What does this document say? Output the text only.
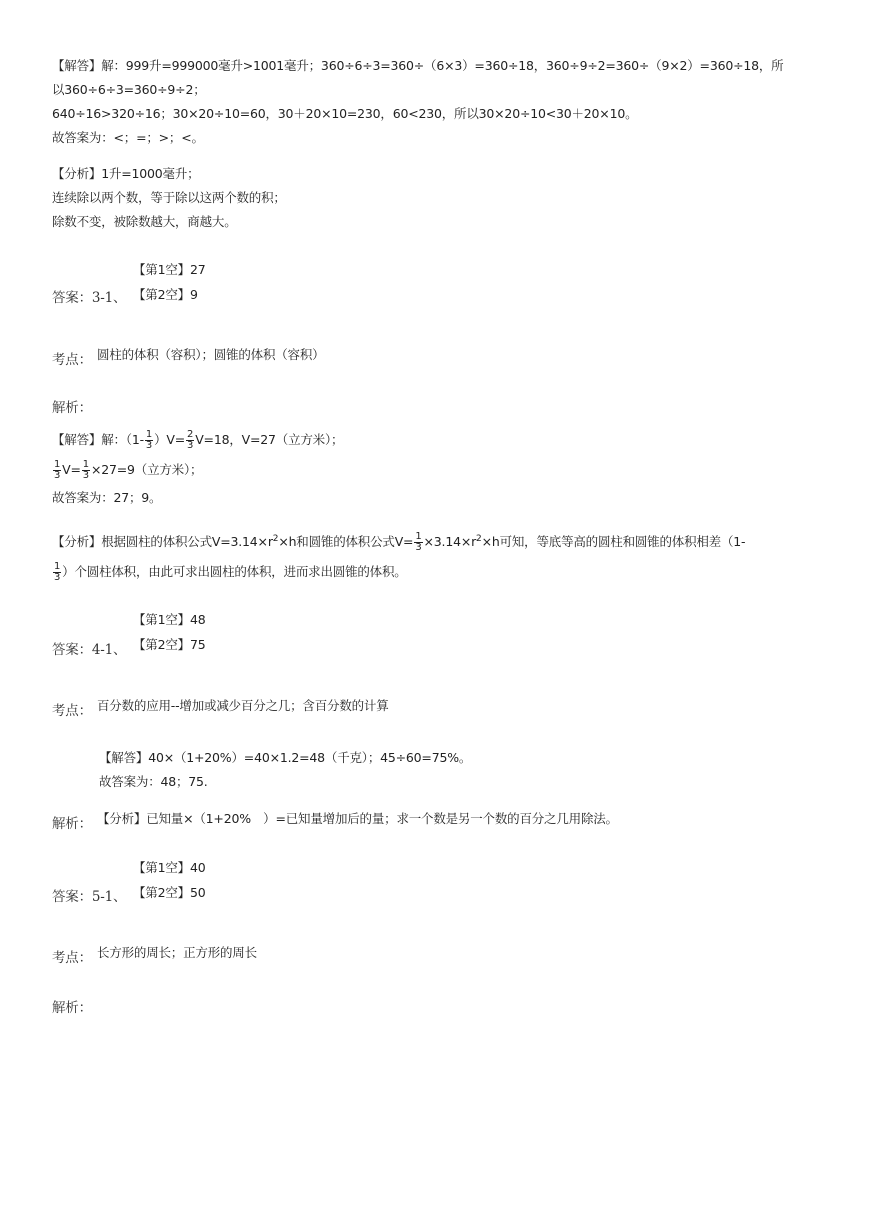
【解答】解：999升=999000毫升>1001毫升；360÷6÷3=360÷（6×3）=360÷18，360÷9÷2=360÷（9×2）=360÷18，所
以360÷6÷3=360÷9÷2；
640÷16>320÷16；30×20÷10=60，30＋20×10=230，60<230，所以30×20÷10<30＋20×10。
故答案为：<；=；>；<。
【分析】1升=1000毫升；
连续除以两个数，等于除以这两个数的积；
除数不变，被除数越大，商越大。
【第1空】27
答案：3-1、 【第2空】9
考点： 圆柱的体积（容积）；圆锥的体积（容积）
解析：
【解答】解：$(1- \frac{1}{3} )V= \frac{2}{3} V=18$，V=27（立方米）；
$\frac{1}{3} V= \frac{1}{3} \times 27=9$（立方米）；
故答案为：27；9。
【分析】根据圆柱的体积公式$V=3.14\times r^2\times h$和圆锥的体积公式$V= \frac{1}{3} \times 3.14\times r^2\times h$可知，等底等高的圆柱和圆锥的体积相差（1-
$\frac{1}{3}$ ）个圆柱体积，由此可求出圆柱的体积，进而求出圆锥的体积。
【第1空】48
答案：4-1、 【第2空】75
考点： 百分数的应用--增加或减少百分之几；含百分数的计算
【解答】40×（1+20%）=40×1.2=48（千克）；45÷60=75%。
故答案为：48；75.
解析： 【分析】已知量×（1+20%　）=已知量增加后的量；求一个数是另一个数的百分之几用除法。
【第1空】40
答案：5-1、 【第2空】50
考点： 长方形的周长；正方形的周长
解析：
